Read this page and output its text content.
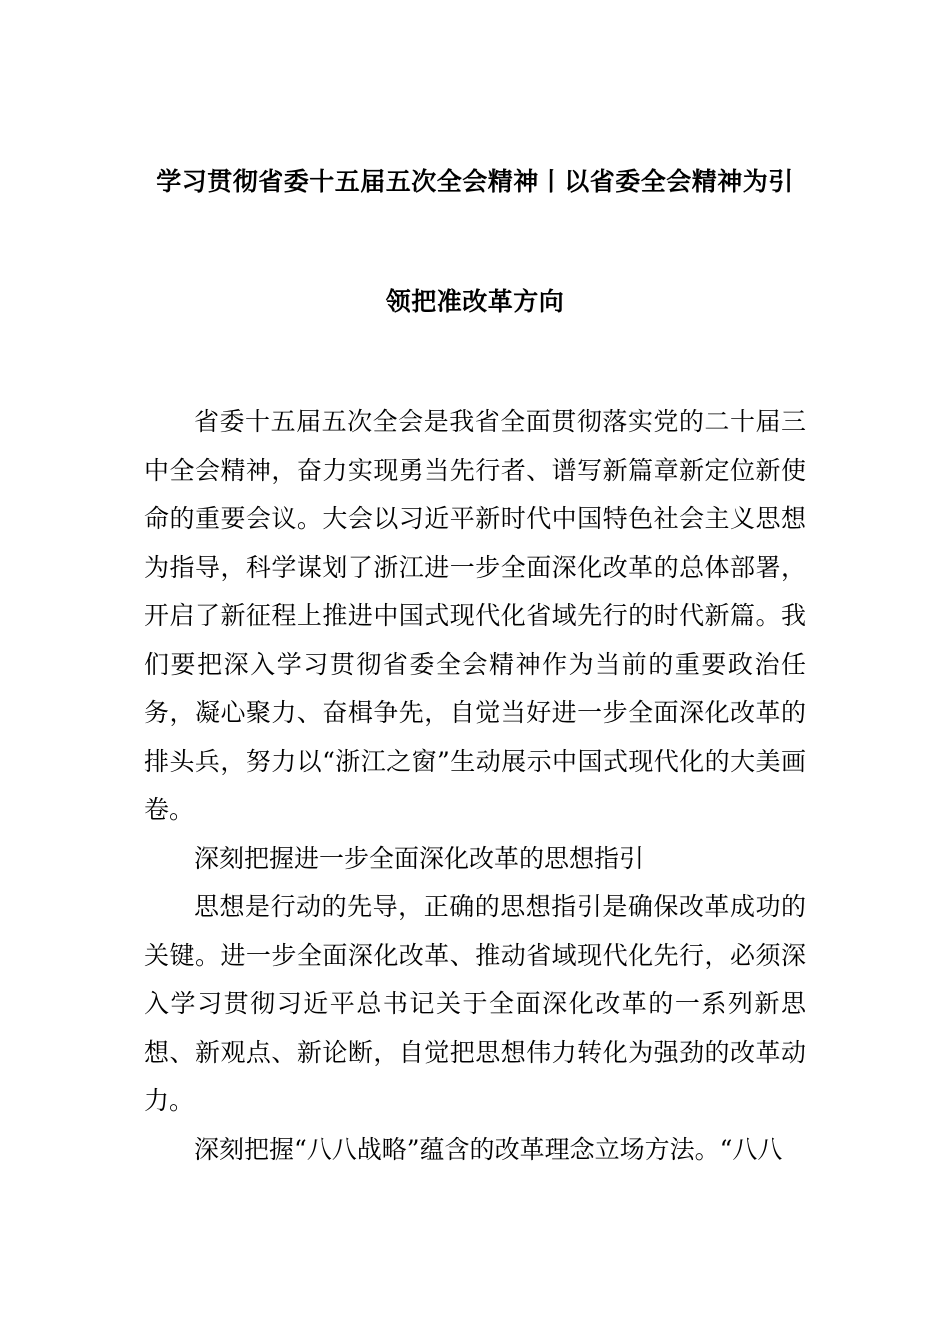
学习贯彻省委十五届五次全会精神丨以省委全会精神为引
领把准改革方向

省委十五届五次全会是我省全面贯彻落实党的二十届三中全会精神，奋力实现勇当先行者、谱写新篇章新定位新使命的重要会议。大会以习近平新时代中国特色社会主义思想为指导，科学谋划了浙江进一步全面深化改革的总体部署，开启了新征程上推进中国式现代化省域先行的时代新篇。我们要把深入学习贯彻省委全会精神作为当前的重要政治任务，凝心聚力、奋楫争先，自觉当好进一步全面深化改革的排头兵，努力以“浙江之窗”生动展示中国式现代化的大美画卷。

深刻把握进一步全面深化改革的思想指引

思想是行动的先导，正确的思想指引是确保改革成功的关键。进一步全面深化改革、推动省域现代化先行，必须深入学习贯彻习近平总书记关于全面深化改革的一系列新思想、新观点、新论断，自觉把思想伟力转化为强劲的改革动力。

深刻把握“八八战略”蕴含的改革理念立场方法。“八八
